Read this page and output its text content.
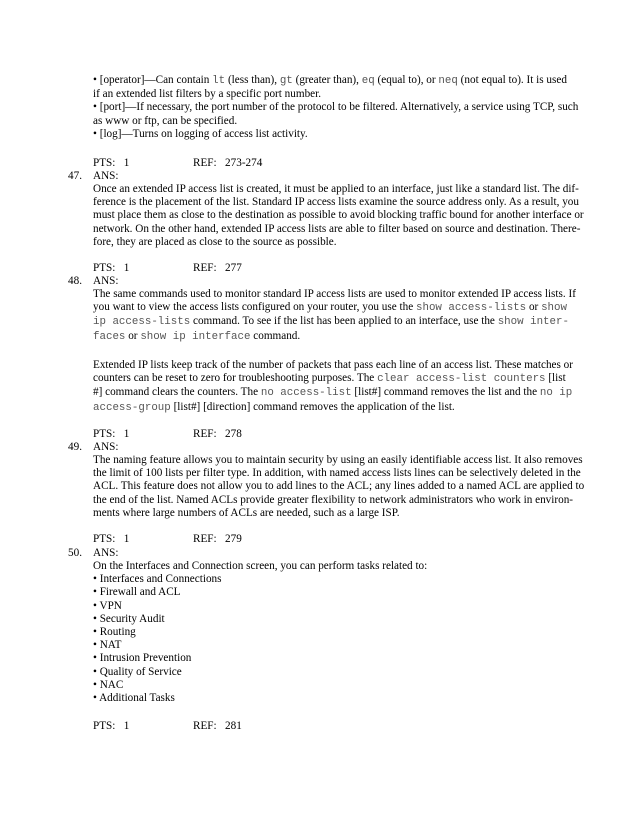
• [operator]—Can contain lt (less than), gt (greater than), eq (equal to), or neq (not equal to). It is used

if an extended list filters by a specific port number.

• [port]—If necessary, the port number of the protocol to be filtered. Alternatively, a service using TCP, such

as www or ftp, can be specified.

• [log]—Turns on logging of access list activity.

PTS: 1	REF: 273-274
47. ANS:

Once an extended IP access list is created, it must be applied to an interface, just like a standard list. The dif-

ference is the placement of the list. Standard IP access lists examine the source address only. As a result, you

must place them as close to the destination as possible to avoid blocking traffic bound for another interface or

network. On the other hand, extended IP access lists are able to filter based on source and destination. There-

fore, they are placed as close to the source as possible.

PTS: 1	REF: 277
48. ANS:

The same commands used to monitor standard IP access lists are used to monitor extended IP access lists. If

you want to view the access lists configured on your router, you use the show access-lists or show

ip access-lists command. To see if the list has been applied to an interface, use the show inter-

faces or show ip interface command.

Extended IP lists keep track of the number of packets that pass each line of an access list. These matches or

counters can be reset to zero for troubleshooting purposes. The clear access-list counters [list

#] command clears the counters. The no access-list [list#] command removes the list and the no ip

access-group [list#] [direction] command removes the application of the list.

PTS: 1	REF: 278
49. ANS:

The naming feature allows you to maintain security by using an easily identifiable access list. It also removes

the limit of 100 lists per filter type. In addition, with named access lists lines can be selectively deleted in the

ACL. This feature does not allow you to add lines to the ACL; any lines added to a named ACL are applied to

the end of the list. Named ACLs provide greater flexibility to network administrators who work in environ-

ments where large numbers of ACLs are needed, such as a large ISP.

PTS: 1	REF: 279
50. ANS:

On the Interfaces and Connection screen, you can perform tasks related to:

• Interfaces and Connections

• Firewall and ACL

• VPN

• Security Audit

• Routing

• NAT

• Intrusion Prevention

• Quality of Service

• NAC

• Additional Tasks

PTS: 1	REF: 281
